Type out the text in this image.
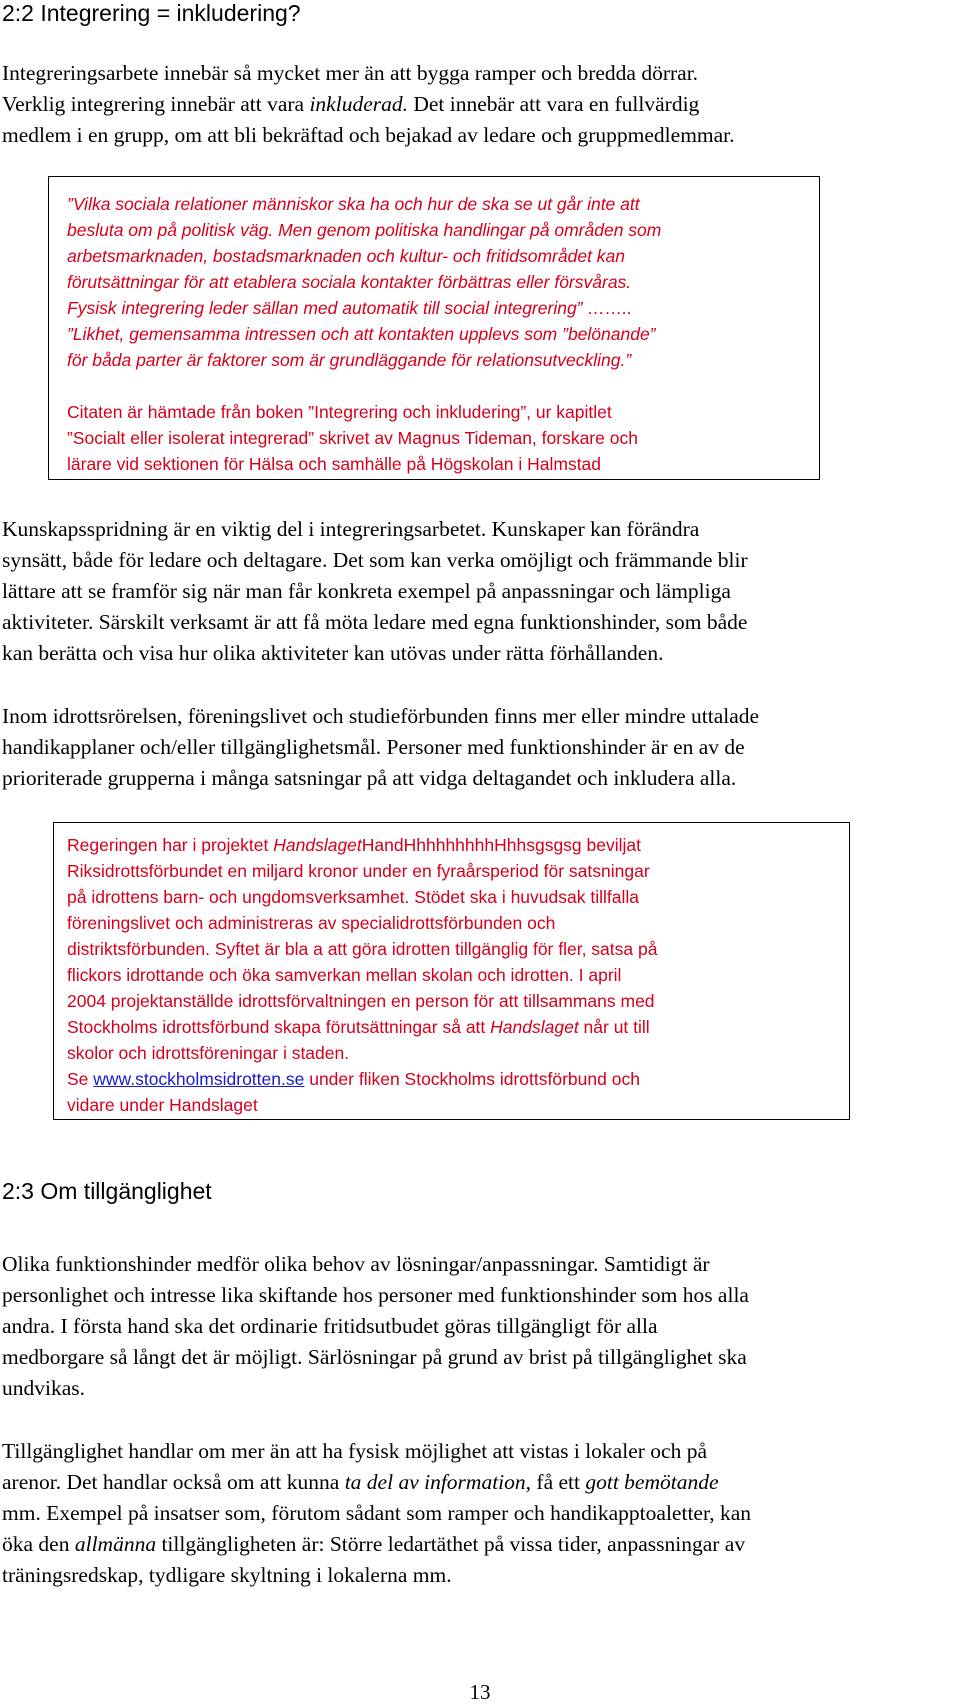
2:2 Integrering = inkludering?
Integreringsarbete innebär så mycket mer än att bygga ramper och bredda dörrar.
Verklig integrering innebär att vara inkluderad. Det innebär att vara en fullvärdig
medlem i en grupp, om att bli bekräftad och bejakad av ledare och gruppmedlemmar.
”Vilka sociala relationer människor ska ha och hur de ska se ut går inte att
besluta om på politisk väg. Men genom politiska handlingar på områden som
arbetsmarknaden, bostadsmarknaden och kultur- och fritidsområdet kan
förutsättningar för att etablera sociala kontakter förbättras eller försvåras.
Fysisk integrering leder sällan med automatik till social integrering” ……..
”Likhet, gemensamma intressen och att kontakten upplevs som ”belönande”
för båda parter är faktorer som är grundläggande för relationsutveckling.”
Citaten är hämtade från boken ”Integrering och inkludering”, ur kapitlet
”Socialt eller isolerat integrerad” skrivet av Magnus Tideman, forskare och
lärare vid sektionen för Hälsa och samhälle på Högskolan i Halmstad
Kunskapsspridning är en viktig del i integreringsarbetet. Kunskaper kan förändra
synsätt, både för ledare och deltagare. Det som kan verka omöjligt och främmande blir
lättare att se framför sig när man får konkreta exempel på anpassningar och lämpliga
aktiviteter. Särskilt verksamt är att få möta ledare med egna funktionshinder, som både
kan berätta och visa hur olika aktiviteter kan utövas under rätta förhållanden.
Inom idrottsrörelsen, föreningslivet och studieförbunden finns mer eller mindre uttalade
handikapplaner och/eller tillgänglighetsmål. Personer med funktionshinder är en av de
prioriterade grupperna i många satsningar på att vidga deltagandet och inkludera alla.
Regeringen har i projektet HandslagetHandHhhhhhhhhHhhsgsgsg beviljat
Riksidrottsförbundet en miljard kronor under en fyraårsperiod för satsningar
på idrottens barn- och ungdomsverksamhet. Stödet ska i huvudsak tillfalla
föreningslivet och administreras av specialidrottsförbunden och
distriktsförbunden. Syftet är bla a att göra idrotten tillgänglig för fler, satsa på
flickors idrottande och öka samverkan mellan skolan och idrotten. I april
2004 projektanställde idrottsförvaltningen en person för att tillsammans med
Stockholms idrottsförbund skapa förutsättningar så att Handslaget når ut till
skolor och idrottsföreningar i staden.
Se www.stockholmsidrotten.se under fliken Stockholms idrottsförbund och
vidare under Handslaget
2:3 Om tillgänglighet
Olika funktionshinder medför olika behov av lösningar/anpassningar. Samtidigt är
personlighet och intresse lika skiftande hos personer med funktionshinder som hos alla
andra. I första hand ska det ordinarie fritidsutbudet göras tillgängligt för alla
medborgare så långt det är möjligt. Särlösningar på grund av brist på tillgänglighet ska
undvikas.
Tillgänglighet handlar om mer än att ha fysisk möjlighet att vistas i lokaler och på
arenor. Det handlar också om att kunna ta del av information, få ett gott bemötande
mm. Exempel på insatser som, förutom sådant som ramper och handikapptoaletter, kan
öka den allmänna tillgängligheten är: Större ledartäthet på vissa tider, anpassningar av
träningsredskap, tydligare skyltning i lokalerna mm.
13
